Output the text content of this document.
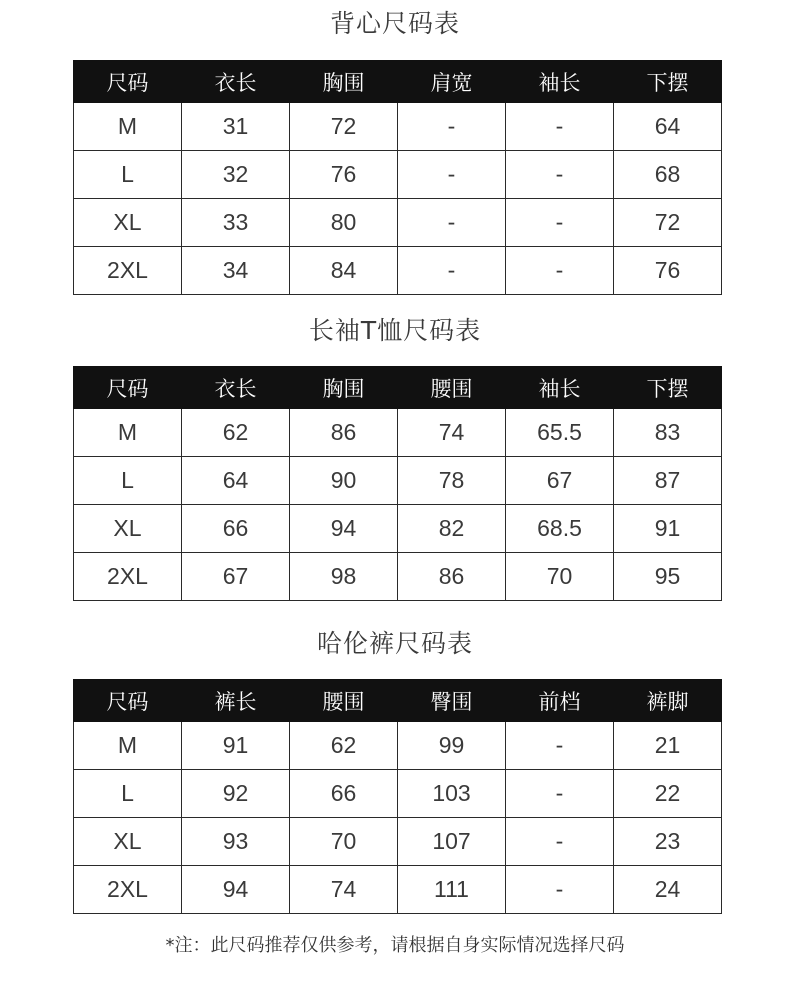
背心尺码表
尺码	衣长	胸围	肩宽	袖长	下摆
M	31	72	-	-	64
L	32	76	-	-	68
XL	33	80	-	-	72
2XL	34	84	-	-	76
长袖T恤尺码表
尺码	衣长	胸围	腰围	袖长	下摆
M	62	86	74	65.5	83
L	64	90	78	67	87
XL	66	94	82	68.5	91
2XL	67	98	86	70	95
哈伦裤尺码表
尺码	裤长	腰围	臀围	前档	裤脚
M	91	62	99	-	21
L	92	66	103	-	22
XL	93	70	107	-	23
2XL	94	74	111	-	24
*注：此尺码推荐仅供参考，请根据自身实际情况选择尺码
